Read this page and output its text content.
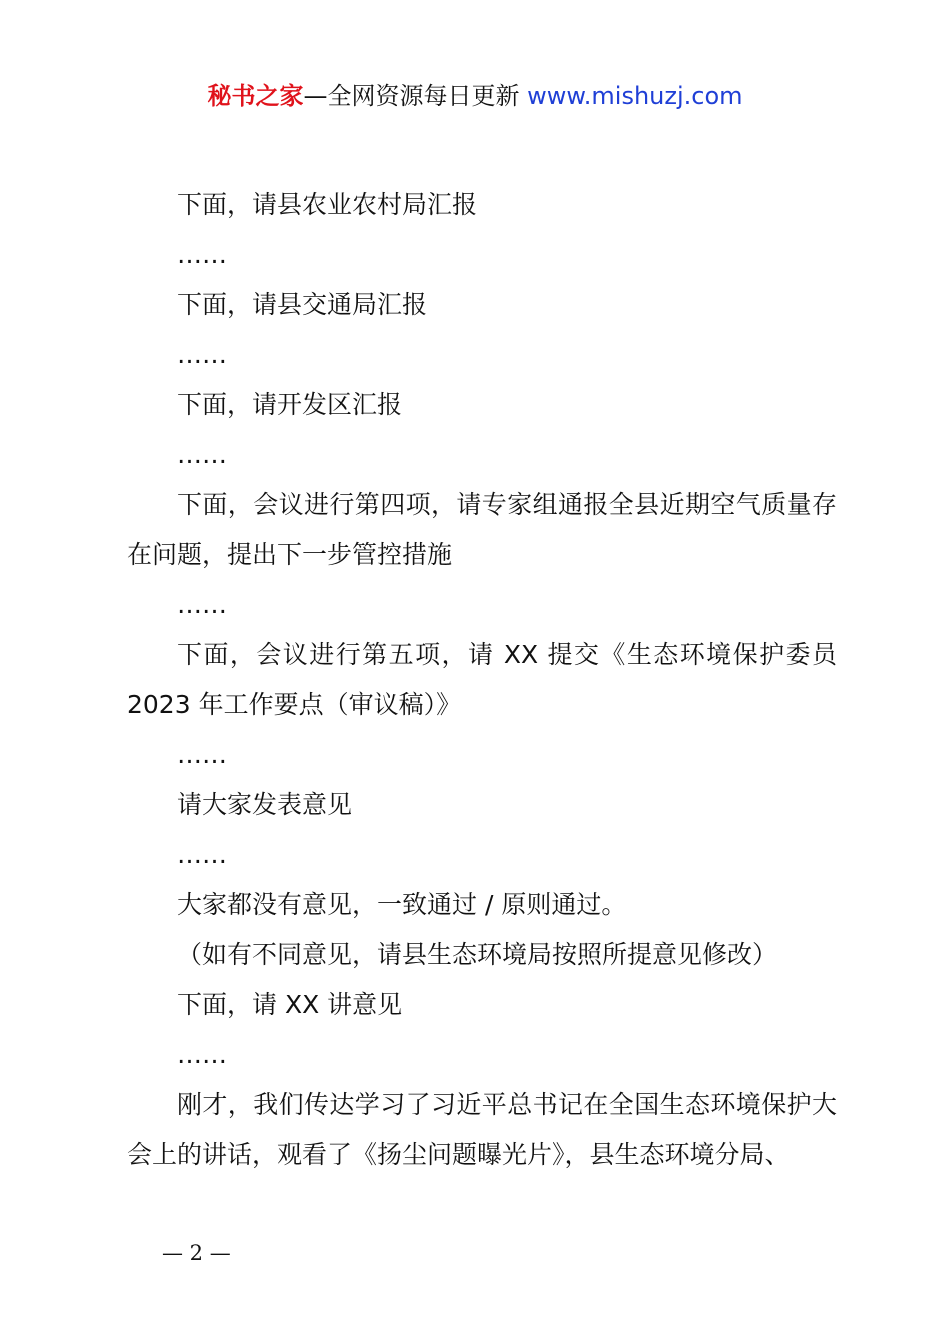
秘书之家—全网资源每日更新 www.mishuzj.com

下面，请县农业农村局汇报

……

下面，请县交通局汇报

……

下面，请开发区汇报

……

下面，会议进行第四项，请专家组通报全县近期空气质量存在问题，提出下一步管控措施

……

下面，会议进行第五项，请 XX 提交《生态环境保护委员 2023 年工作要点（审议稿）》

……

请大家发表意见

……

大家都没有意见，一致通过 / 原则通过。

（如有不同意见，请县生态环境局按照所提意见修改）

下面，请 XX 讲意见

……

刚才，我们传达学习了习近平总书记在全国生态环境保护大会上的讲话，观看了《扬尘问题曝光片》，县生态环境分局、

— 2 —
